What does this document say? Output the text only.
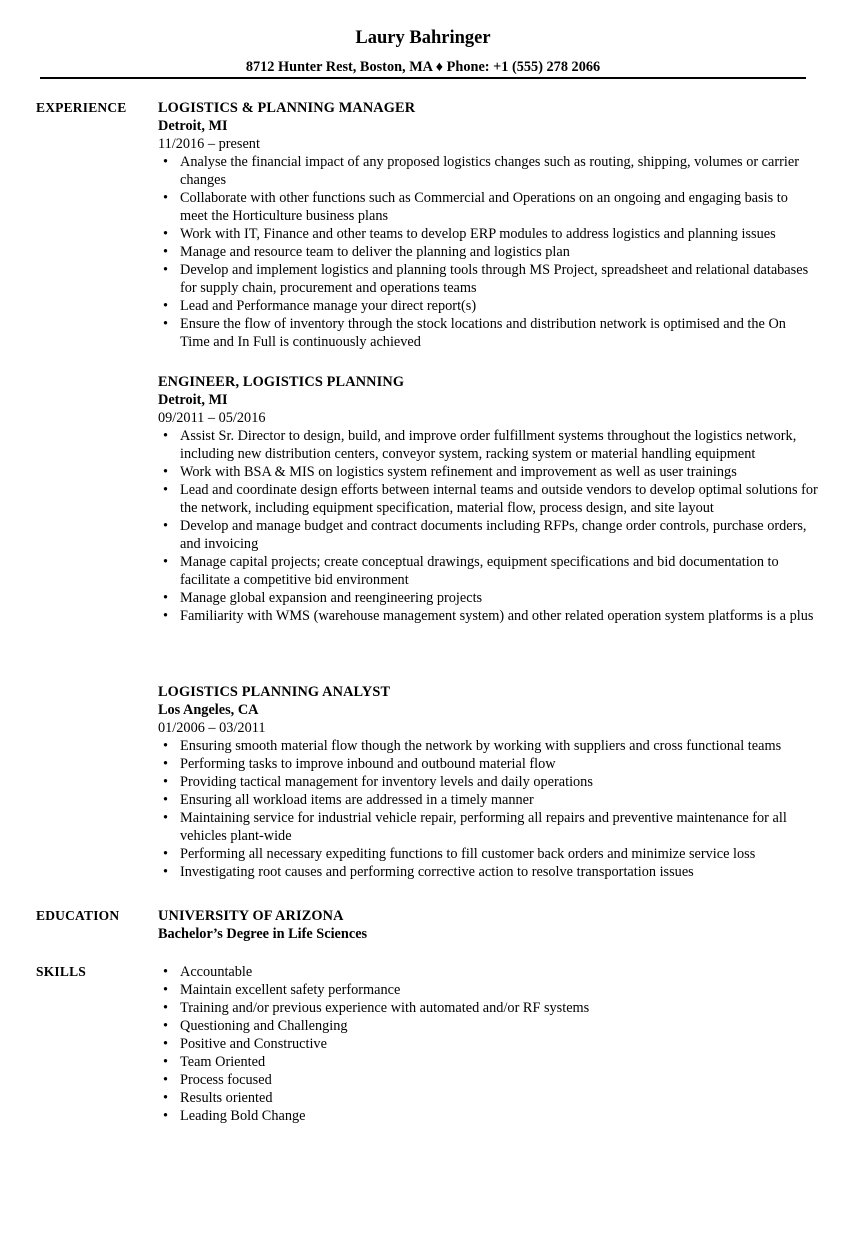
Laury Bahringer
8712 Hunter Rest, Boston, MA ♦ Phone: +1 (555) 278 2066
EXPERIENCE LOGISTICS & PLANNING MANAGER
Detroit, MI
11/2016 – present
• Analyse the financial impact of any proposed logistics changes such as routing, shipping, volumes or carrier changes
• Collaborate with other functions such as Commercial and Operations on an ongoing and engaging basis to meet the Horticulture business plans
• Work with IT, Finance and other teams to develop ERP modules to address logistics and planning issues
• Manage and resource team to deliver the planning and logistics plan
• Develop and implement logistics and planning tools through MS Project, spreadsheet and relational databases for supply chain, procurement and operations teams
• Lead and Performance manage your direct report(s)
• Ensure the flow of inventory through the stock locations and distribution network is optimised and the On Time and In Full is continuously achieved
ENGINEER, LOGISTICS PLANNING
Detroit, MI
09/2011 – 05/2016
• Assist Sr. Director to design, build, and improve order fulfillment systems throughout the logistics network, including new distribution centers, conveyor system, racking system or material handling equipment
• Work with BSA & MIS on logistics system refinement and improvement as well as user trainings
• Lead and coordinate design efforts between internal teams and outside vendors to develop optimal solutions for the network, including equipment specification, material flow, process design, and site layout
• Develop and manage budget and contract documents including RFPs, change order controls, purchase orders, and invoicing
• Manage capital projects; create conceptual drawings, equipment specifications and bid documentation to facilitate a competitive bid environment
• Manage global expansion and reengineering projects
• Familiarity with WMS (warehouse management system) and other related operation system platforms is a plus
LOGISTICS PLANNING ANALYST
Los Angeles, CA
01/2006 – 03/2011
• Ensuring smooth material flow though the network by working with suppliers and cross functional teams
• Performing tasks to improve inbound and outbound material flow
• Providing tactical management for inventory levels and daily operations
• Ensuring all workload items are addressed in a timely manner
• Maintaining service for industrial vehicle repair, performing all repairs and preventive maintenance for all vehicles plant-wide
• Performing all necessary expediting functions to fill customer back orders and minimize service loss
• Investigating root causes and performing corrective action to resolve transportation issues
EDUCATION	UNIVERSITY OF ARIZONA
Bachelor’s Degree in Life Sciences
SKILLS
•	Accountable
• Maintain excellent safety performance
• Training and/or previous experience with automated and/or RF systems
• Questioning and Challenging
• Positive and Constructive
• Team Oriented
• Process focused
• Results oriented
• Leading Bold Change
